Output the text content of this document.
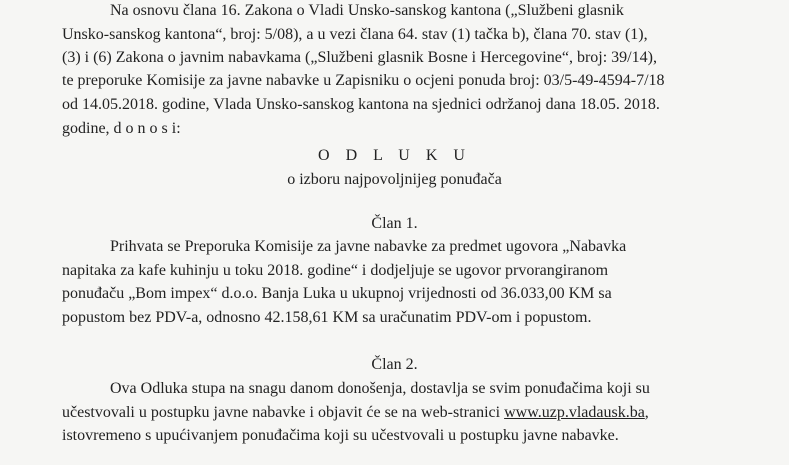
Na osnovu člana 16. Zakona o Vladi Unsko-sanskog kantona („Službeni glasnik
Unsko-sanskog kantona“, broj: 5/08), a u vezi člana 64. stav (1) tačka b), člana 70. stav (1),
(3) i (6) Zakona o javnim nabavkama („Službeni glasnik Bosne i Hercegovine“, broj: 39/14),
te preporuke Komisije za javne nabavke u Zapisniku o ocjeni ponuda broj: 03/5-49-4594-7/18
od 14.05.2018. godine, Vlada Unsko-sanskog kantona na sjednici održanoj dana 18.05. 2018.
godine, d o n o s i:
O D L U K U
o izboru najpovoljnijeg ponuđača
Član 1.
Prihvata se Preporuka Komisije za javne nabavke za predmet ugovora „Nabavka
napitaka za kafe kuhinju u toku 2018. godine“ i dodjeljuje se ugovor prvorangiranom
ponuđaču „Bom impex“ d.o.o. Banja Luka u ukupnoj vrijednosti od 36.033,00 KM sa
popustom bez PDV-a, odnosno 42.158,61 KM sa uračunatim PDV-om i popustom.
Član 2.
Ova Odluka stupa na snagu danom donošenja, dostavlja se svim ponuđačima koji su
učestvovali u postupku javne nabavke i objavit će se na web-stranici www.uzp.vladausk.ba,
istovremeno s upućivanjem ponuđačima koji su učestvovali u postupku javne nabavke.
